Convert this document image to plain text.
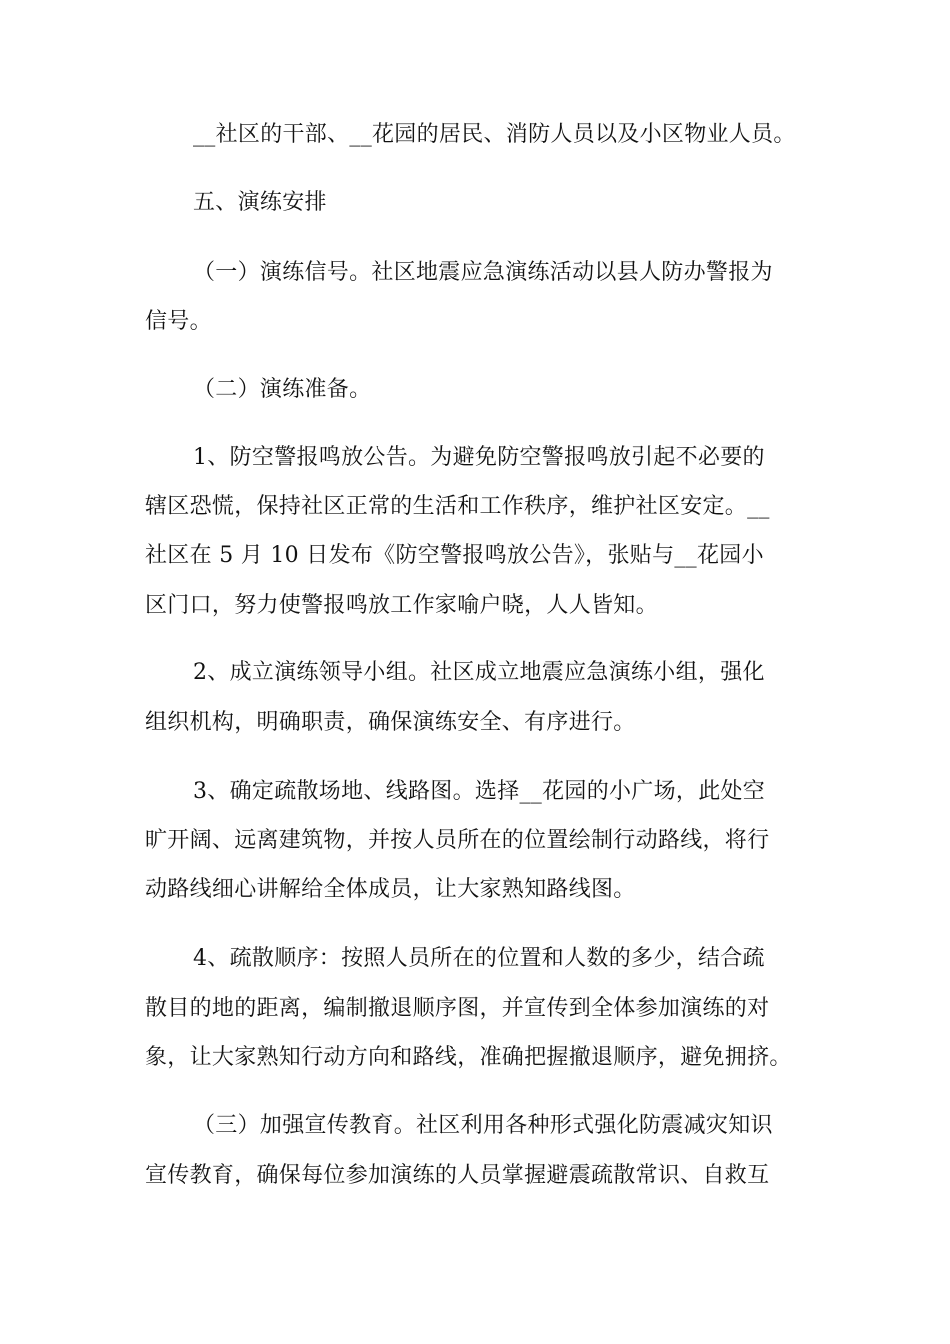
__社区的干部、__花园的居民、消防人员以及小区物业人员。

五、演练安排

（一）演练信号。社区地震应急演练活动以县人防办警报为

信号。

（二）演练准备。

1、防空警报鸣放公告。为避免防空警报鸣放引起不必要的

辖区恐慌，保持社区正常的生活和工作秩序，维护社区安定。__

社区在 5 月 10 日发布《防空警报鸣放公告》，张贴与__花园小

区门口，努力使警报鸣放工作家喻户晓，人人皆知。

2、成立演练领导小组。社区成立地震应急演练小组，强化

组织机构，明确职责，确保演练安全、有序进行。

3、确定疏散场地、线路图。选择__花园的小广场，此处空

旷开阔、远离建筑物，并按人员所在的位置绘制行动路线，将行

动路线细心讲解给全体成员，让大家熟知路线图。

4、疏散顺序：按照人员所在的位置和人数的多少，结合疏

散目的地的距离，编制撤退顺序图，并宣传到全体参加演练的对

象，让大家熟知行动方向和路线，准确把握撤退顺序，避免拥挤。

（三）加强宣传教育。社区利用各种形式强化防震减灾知识

宣传教育，确保每位参加演练的人员掌握避震疏散常识、自救互
